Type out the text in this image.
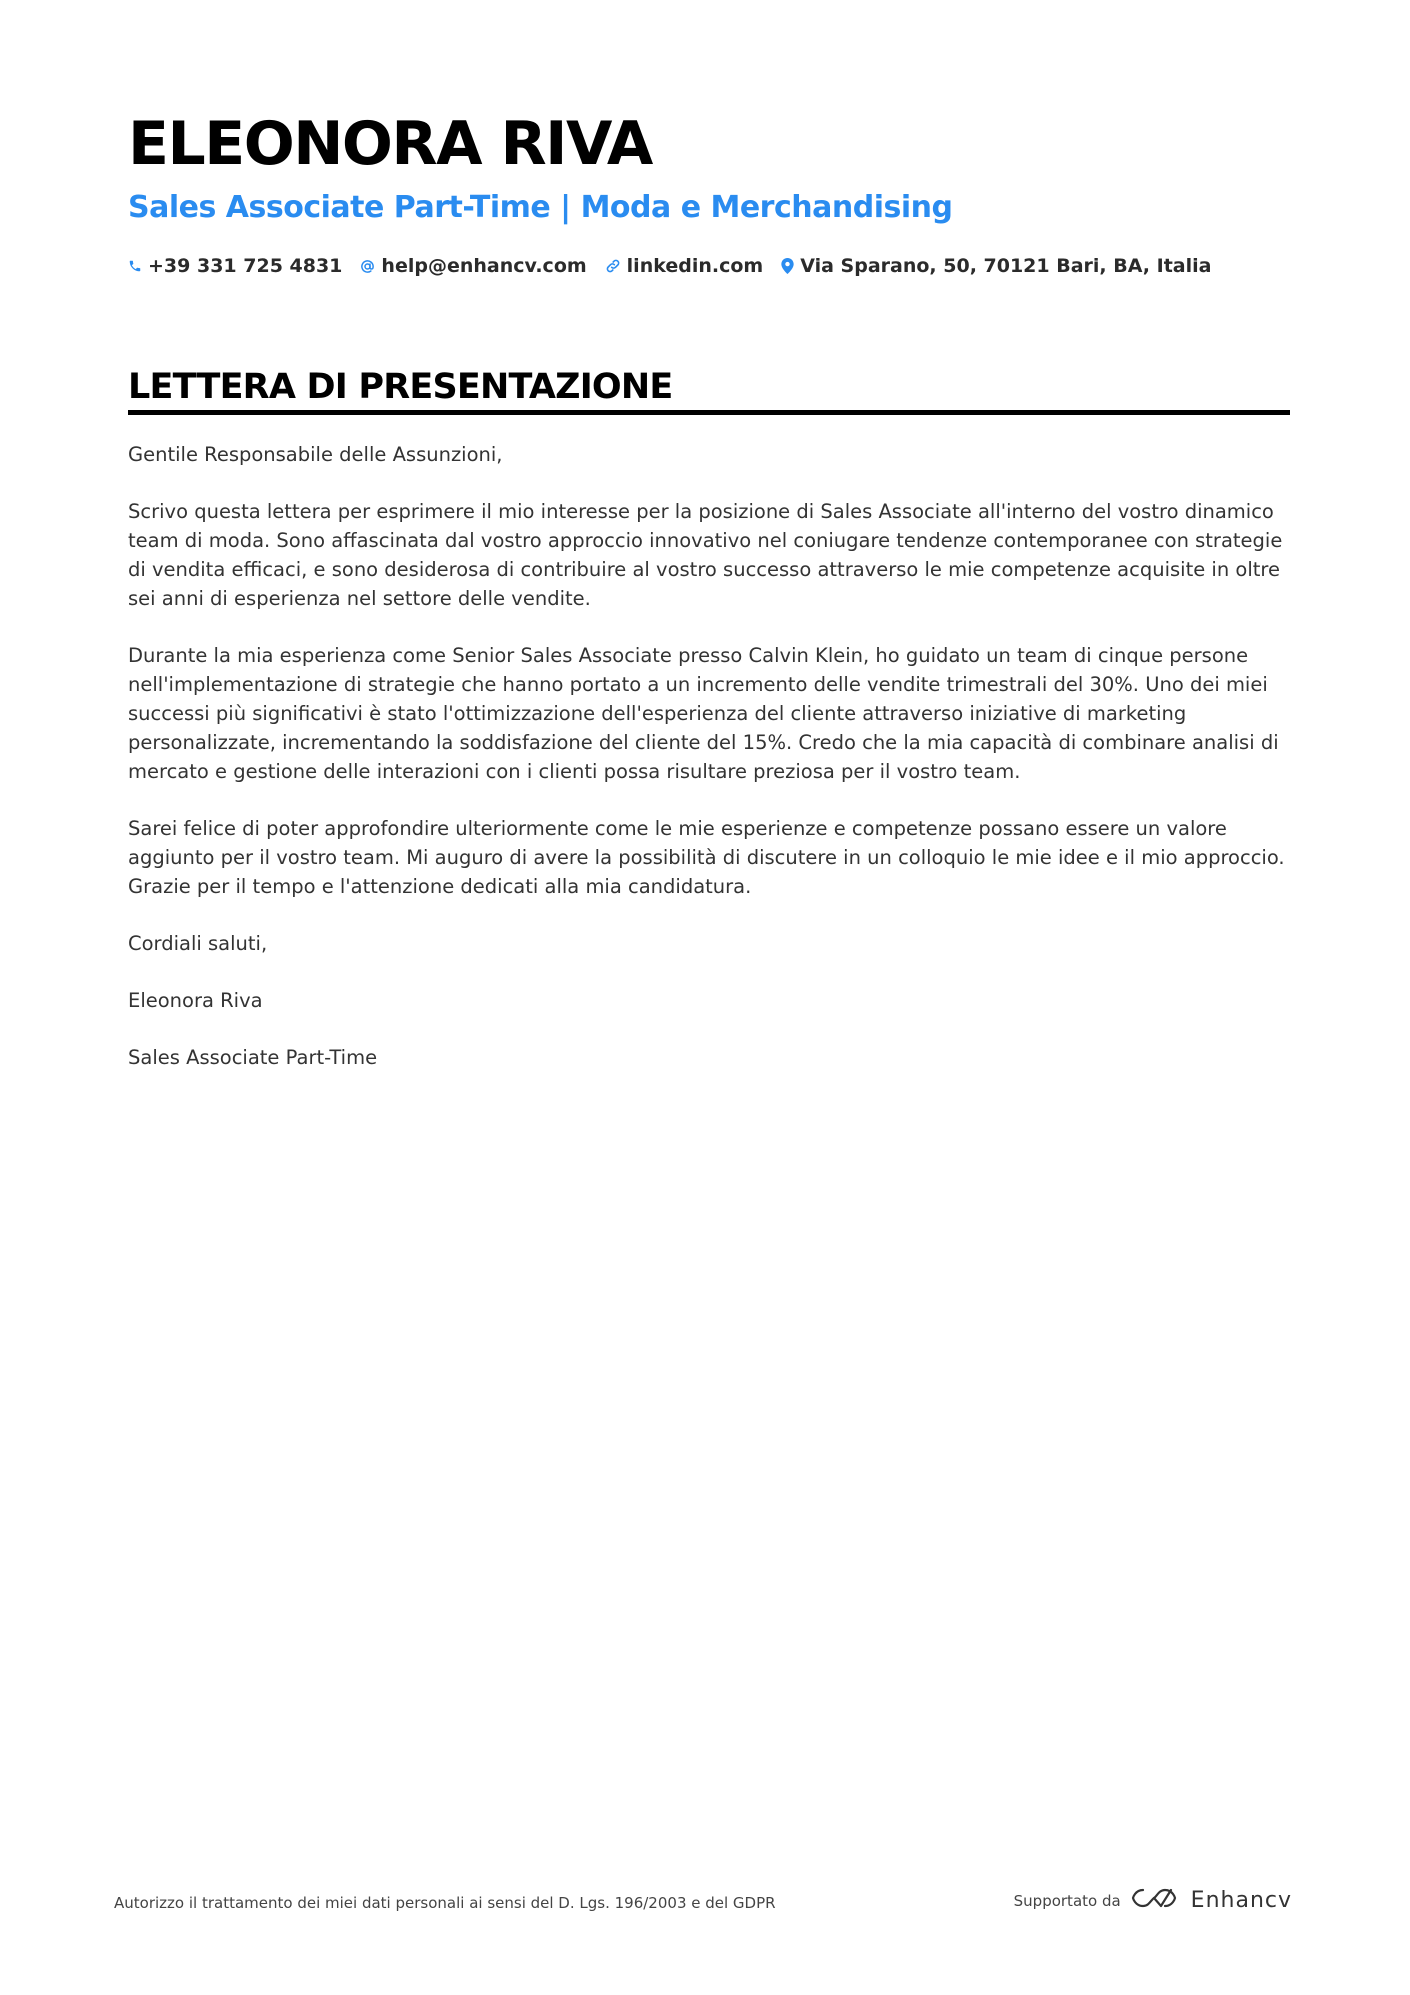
ELEONORA RIVA
Sales Associate Part-Time | Moda e Merchandising
+39 331 725 4831 help@enhancv.com linkedin.com Via Sparano, 50, 70121 Bari, BA, Italia
LETTERA DI PRESENTAZIONE

Gentile Responsabile delle Assunzioni,

Scrivo questa lettera per esprimere il mio interesse per la posizione di Sales Associate all'interno del vostro dinamico team di moda. Sono affascinata dal vostro approccio innovativo nel coniugare tendenze contemporanee con strategie di vendita efficaci, e sono desiderosa di contribuire al vostro successo attraverso le mie competenze acquisite in oltre sei anni di esperienza nel settore delle vendite.

Durante la mia esperienza come Senior Sales Associate presso Calvin Klein, ho guidato un team di cinque persone nell'implementazione di strategie che hanno portato a un incremento delle vendite trimestrali del 30%. Uno dei miei successi più significativi è stato l'ottimizzazione dell'esperienza del cliente attraverso iniziative di marketing personalizzate, incrementando la soddisfazione del cliente del 15%. Credo che la mia capacità di combinare analisi di mercato e gestione delle interazioni con i clienti possa risultare preziosa per il vostro team.

Sarei felice di poter approfondire ulteriormente come le mie esperienze e competenze possano essere un valore aggiunto per il vostro team. Mi auguro di avere la possibilità di discutere in un colloquio le mie idee e il mio approccio. Grazie per il tempo e l'attenzione dedicati alla mia candidatura.

Cordiali saluti,

Eleonora Riva

Sales Associate Part-Time

Autorizzo il trattamento dei miei dati personali ai sensi del D. Lgs. 196/2003 e del GDPR	Supportato da	Enhancv
